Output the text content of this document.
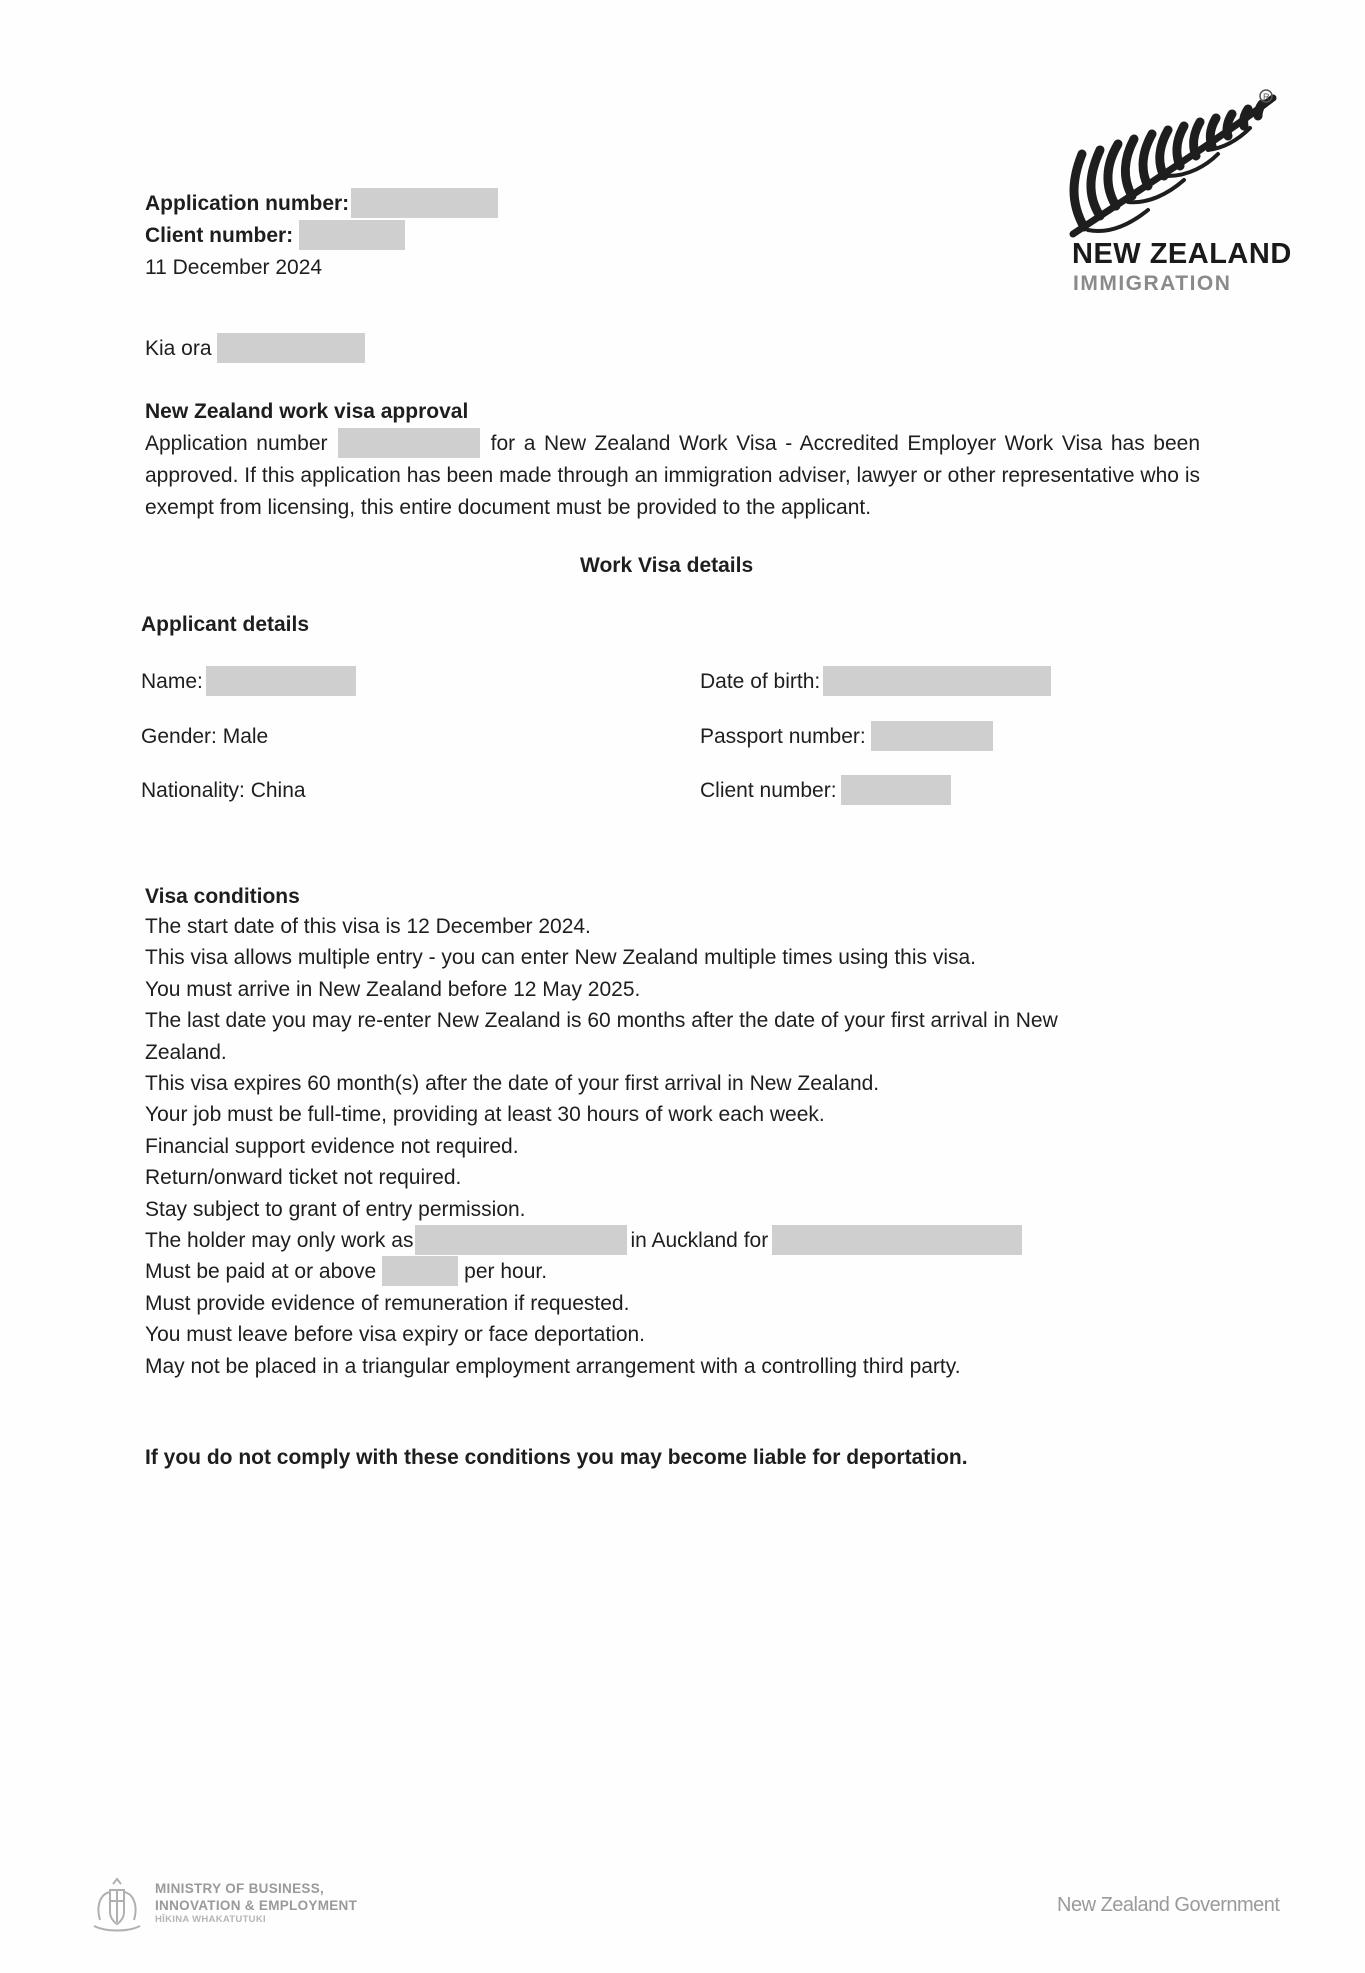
R
NEW ZEALAND
IMMIGRATION
Application number:
Client number:
11 December 2024
Kia ora
New Zealand work visa approval
Application number	for a New Zealand Work Visa - Accredited Employer Work Visa has been approved. If this application has been made through an immigration adviser, lawyer or other representative who is exempt from licensing, this entire document must be provided to the applicant.
Work Visa details
Applicant details
Name:
Gender: Male
Nationality: China
Date of birth:
Passport number:
Client number:
Visa conditions
The start date of this visa is 12 December 2024.
This visa allows multiple entry - you can enter New Zealand multiple times using this visa.
You must arrive in New Zealand before 12 May 2025.
The last date you may re-enter New Zealand is 60 months after the date of your first arrival in New
Zealand.
This visa expires 60 month(s) after the date of your first arrival in New Zealand.
Your job must be full-time, providing at least 30 hours of work each week.
Financial support evidence not required.
Return/onward ticket not required.
Stay subject to grant of entry permission.
The holder may only work as	in Auckland for
Must be paid at or above	per hour.
Must provide evidence of remuneration if requested.
You must leave before visa expiry or face deportation.
May not be placed in a triangular employment arrangement with a controlling third party.
If you do not comply with these conditions you may become liable for deportation.
MINISTRY OF BUSINESS,
INNOVATION & EMPLOYMENT
HĪKINA WHAKATUTUKI
New Zealand Government
